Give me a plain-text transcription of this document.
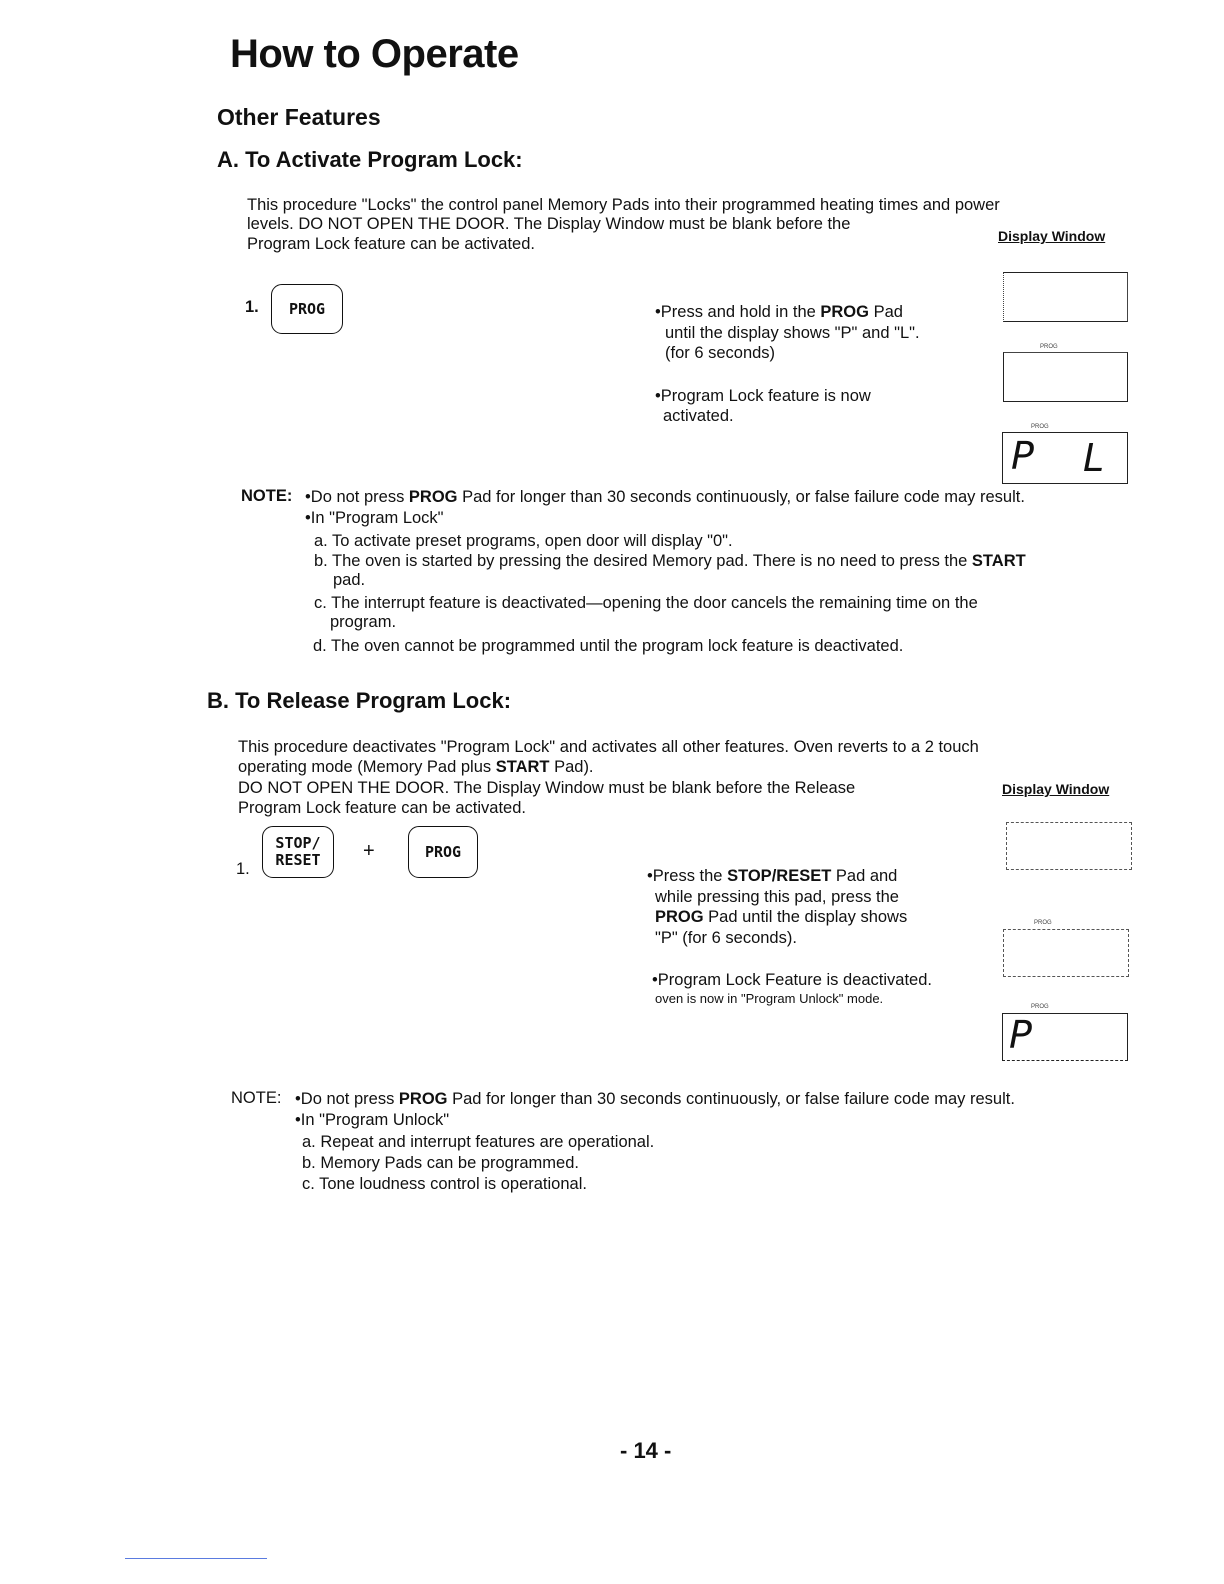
How to Operate
Other Features
A. To Activate Program Lock:
This procedure "Locks" the control panel Memory Pads into their programmed heating times and power
levels. DO NOT OPEN THE DOOR. The Display Window must be blank before the
Program Lock feature can be activated.	Display Window
1. PROG	•Press and hold in the PROG Pad
until the display shows "P" and "L".
(for 6 seconds)
•Program Lock feature is now
activated.
PROG
PROG
P L
NOTE: •Do not press PROG Pad for longer than 30 seconds continuously, or false failure code may result.
•In "Program Lock"
a. To activate preset programs, open door will display "0".
b. The oven is started by pressing the desired Memory pad. There is no need to press the START
pad.
c. The interrupt feature is deactivated—opening the door cancels the remaining time on the
program.
d. The oven cannot be programmed until the program lock feature is deactivated.
B. To Release Program Lock:
This procedure deactivates "Program Lock" and activates all other features. Oven reverts to a 2 touch
operating mode (Memory Pad plus START Pad).
DO NOT OPEN THE DOOR. The Display Window must be blank before the Release
Program Lock feature can be activated.
Display Window
1.
STOP/
RESET +	PROG
•Press the STOP/RESET Pad and
while pressing this pad, press the
PROG Pad until the display shows
"P" (for 6 seconds).
•Program Lock Feature is deactivated.
oven is now in "Program Unlock" mode.
PROG
PROG
P
NOTE: •Do not press PROG Pad for longer than 30 seconds continuously, or false failure code may result.
•In "Program Unlock"
a. Repeat and interrupt features are operational.
b. Memory Pads can be programmed.
c. Tone loudness control is operational.
- 14 -
